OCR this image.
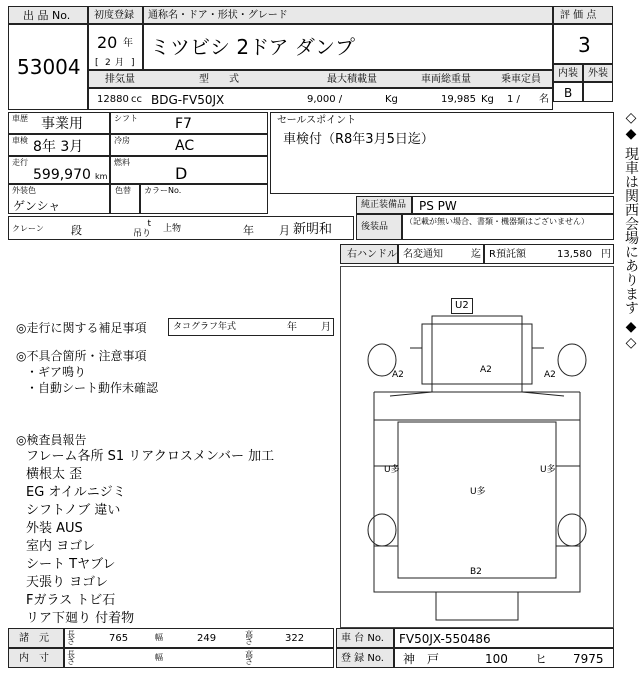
出 品 No.
53004
初度登録 通称名・ドア・形状・グレード
20 年
[ 2 月 ]
ミツビシ 2ドア ダンプ
評 価 点
3
内装 外装
B
排気量	型　　式	最大積載量	車両総重量	乗車定員
12880 cc BDG-FV50JX	9,000 /	Kg	19,985 Kg 1 / 名
車歴 事業用	シフト	F7
車検 8年 3月	冷房	AC
走行
599,970 km
燃料
D
外装色
ゲンシャ
色替 カラーNo.
クレーン 段	t
吊り 上物	年 月 新明和
セールスポイント
車検付（R8年3月5日迄）
純正装備品 PS PW
後装品
（記載が無い場合、書類・機器類はございません）
右ハンドル 名変通知	迄 R預託額	13,580 円 ◇◆ 現車は関西会場にあります ◆◇
◎走行に関する補足事項	タコグラフ年式	年 月
◎不具合箇所・注意事項
・ギア鳴り
・自動シート動作未確認
◎検査員報告
フレーム各所 S1 リアクロスメンバー 加工
横根太 歪
EG オイルニジミ
シフトノブ 違い
外装 AUS
室内 ヨゴレ
シート Tヤブレ
天張り ヨゴレ
Fガラス トビ石
リア下廻り 付着物
U2
A2
A2	A2
U多
U多
U多
B2
諸　元
内　寸
長さ	765	幅	249	高さ	322
長さ	幅	高さ
車 台 No. FV50JX-550486
登 録 No. 神　戸	100 ヒ 7975
